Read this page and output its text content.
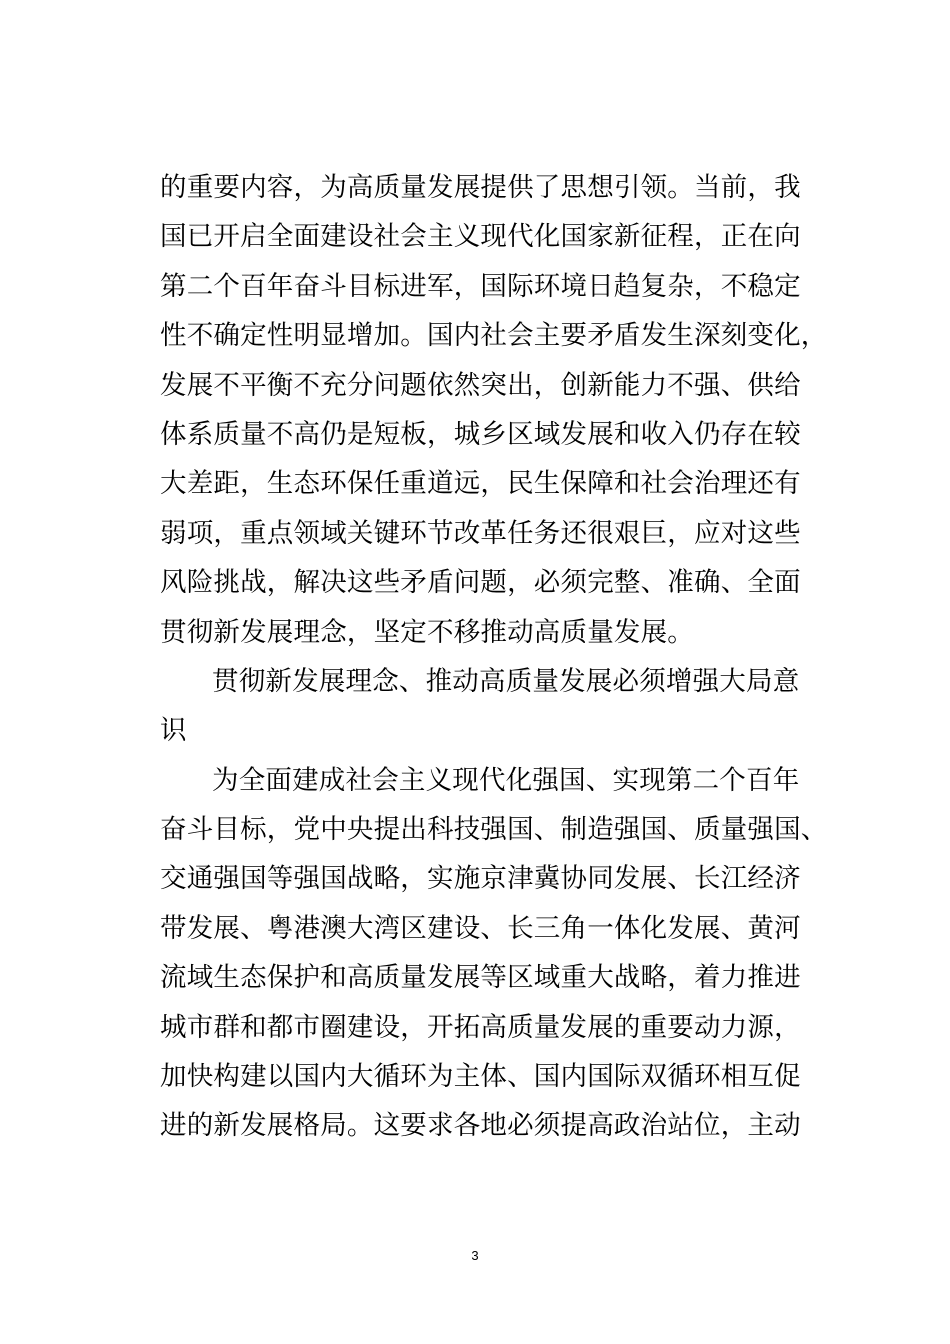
的重要内容，为高质量发展提供了思想引领。当前，我
国已开启全面建设社会主义现代化国家新征程，正在向
第二个百年奋斗目标进军，国际环境日趋复杂，不稳定
性不确定性明显增加。国内社会主要矛盾发生深刻变化，
发展不平衡不充分问题依然突出，创新能力不强、供给
体系质量不高仍是短板，城乡区域发展和收入仍存在较
大差距，生态环保任重道远，民生保障和社会治理还有
弱项，重点领域关键环节改革任务还很艰巨，应对这些
风险挑战，解决这些矛盾问题，必须完整、准确、全面
贯彻新发展理念，坚定不移推动高质量发展。
贯彻新发展理念、推动高质量发展必须增强大局意
识
为全面建成社会主义现代化强国、实现第二个百年
奋斗目标，党中央提出科技强国、制造强国、质量强国、
交通强国等强国战略，实施京津冀协同发展、长江经济
带发展、粤港澳大湾区建设、长三角一体化发展、黄河
流域生态保护和高质量发展等区域重大战略，着力推进
城市群和都市圈建设，开拓高质量发展的重要动力源，
加快构建以国内大循环为主体、国内国际双循环相互促
进的新发展格局。这要求各地必须提高政治站位，主动
3
